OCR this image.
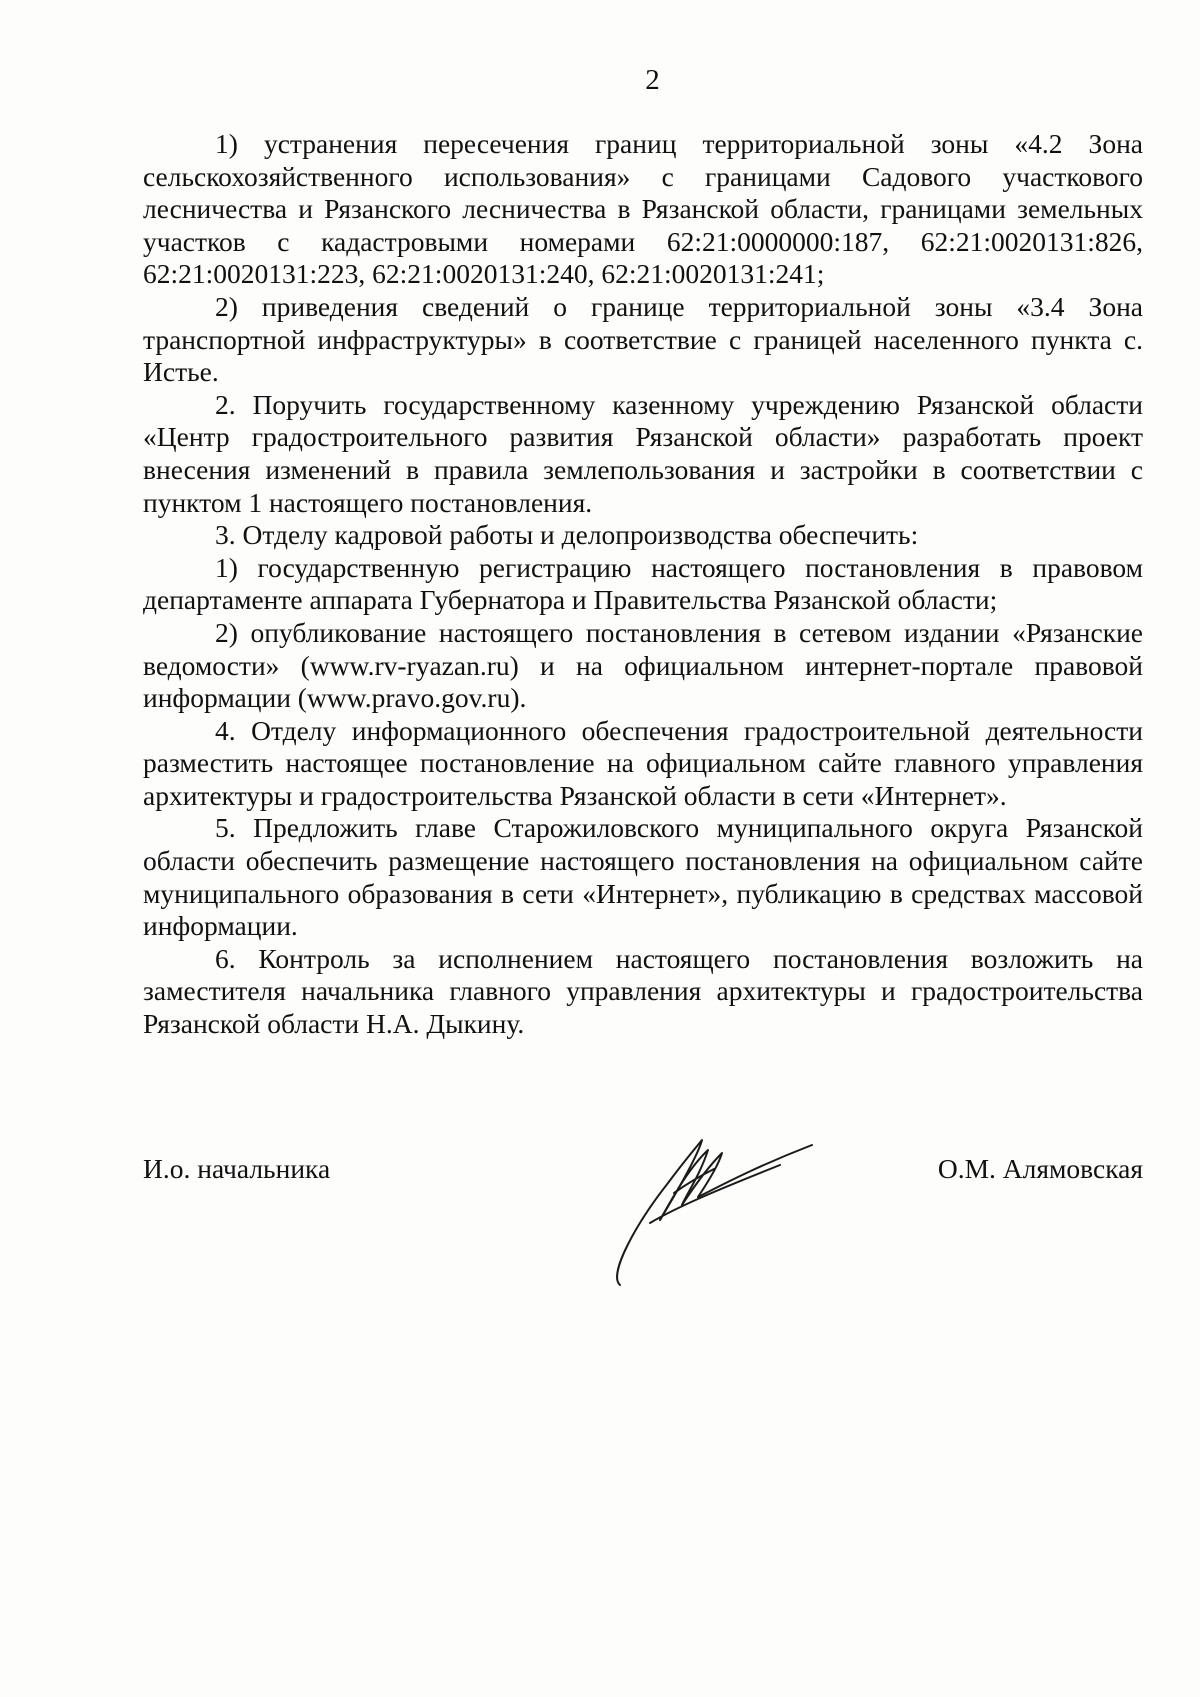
2

1) устранения пересечения границ территориальной зоны «4.2 Зона сельскохозяйственного использования» с границами Садового участкового лесничества и Рязанского лесничества в Рязанской области, границами земельных участков с кадастровыми номерами 62:21:0000000:187, 62:21:0020131:826, 62:21:0020131:223, 62:21:0020131:240, 62:21:0020131:241;

2) приведения сведений о границе территориальной зоны «3.4 Зона транспортной инфраструктуры» в соответствие с границей населенного пункта с. Истье.

2. Поручить государственному казенному учреждению Рязанской области «Центр градостроительного развития Рязанской области» разработать проект внесения изменений в правила землепользования и застройки в соответствии с пунктом 1 настоящего постановления.

3. Отделу кадровой работы и делопроизводства обеспечить:

1) государственную регистрацию настоящего постановления в правовом департаменте аппарата Губернатора и Правительства Рязанской области;

2) опубликование настоящего постановления в сетевом издании «Рязанские ведомости» (www.rv-ryazan.ru) и на официальном интернет-портале правовой информации (www.pravo.gov.ru).

4. Отделу информационного обеспечения градостроительной деятельности разместить настоящее постановление на официальном сайте главного управления архитектуры и градостроительства Рязанской области в сети «Интернет».

5. Предложить главе Старожиловского муниципального округа Рязанской области обеспечить размещение настоящего постановления на официальном сайте муниципального образования в сети «Интернет», публикацию в средствах массовой информации.

6. Контроль за исполнением настоящего постановления возложить на заместителя начальника главного управления архитектуры и градостроительства Рязанской области Н.А. Дыкину.

И.о. начальника	О.М. Алямовская
